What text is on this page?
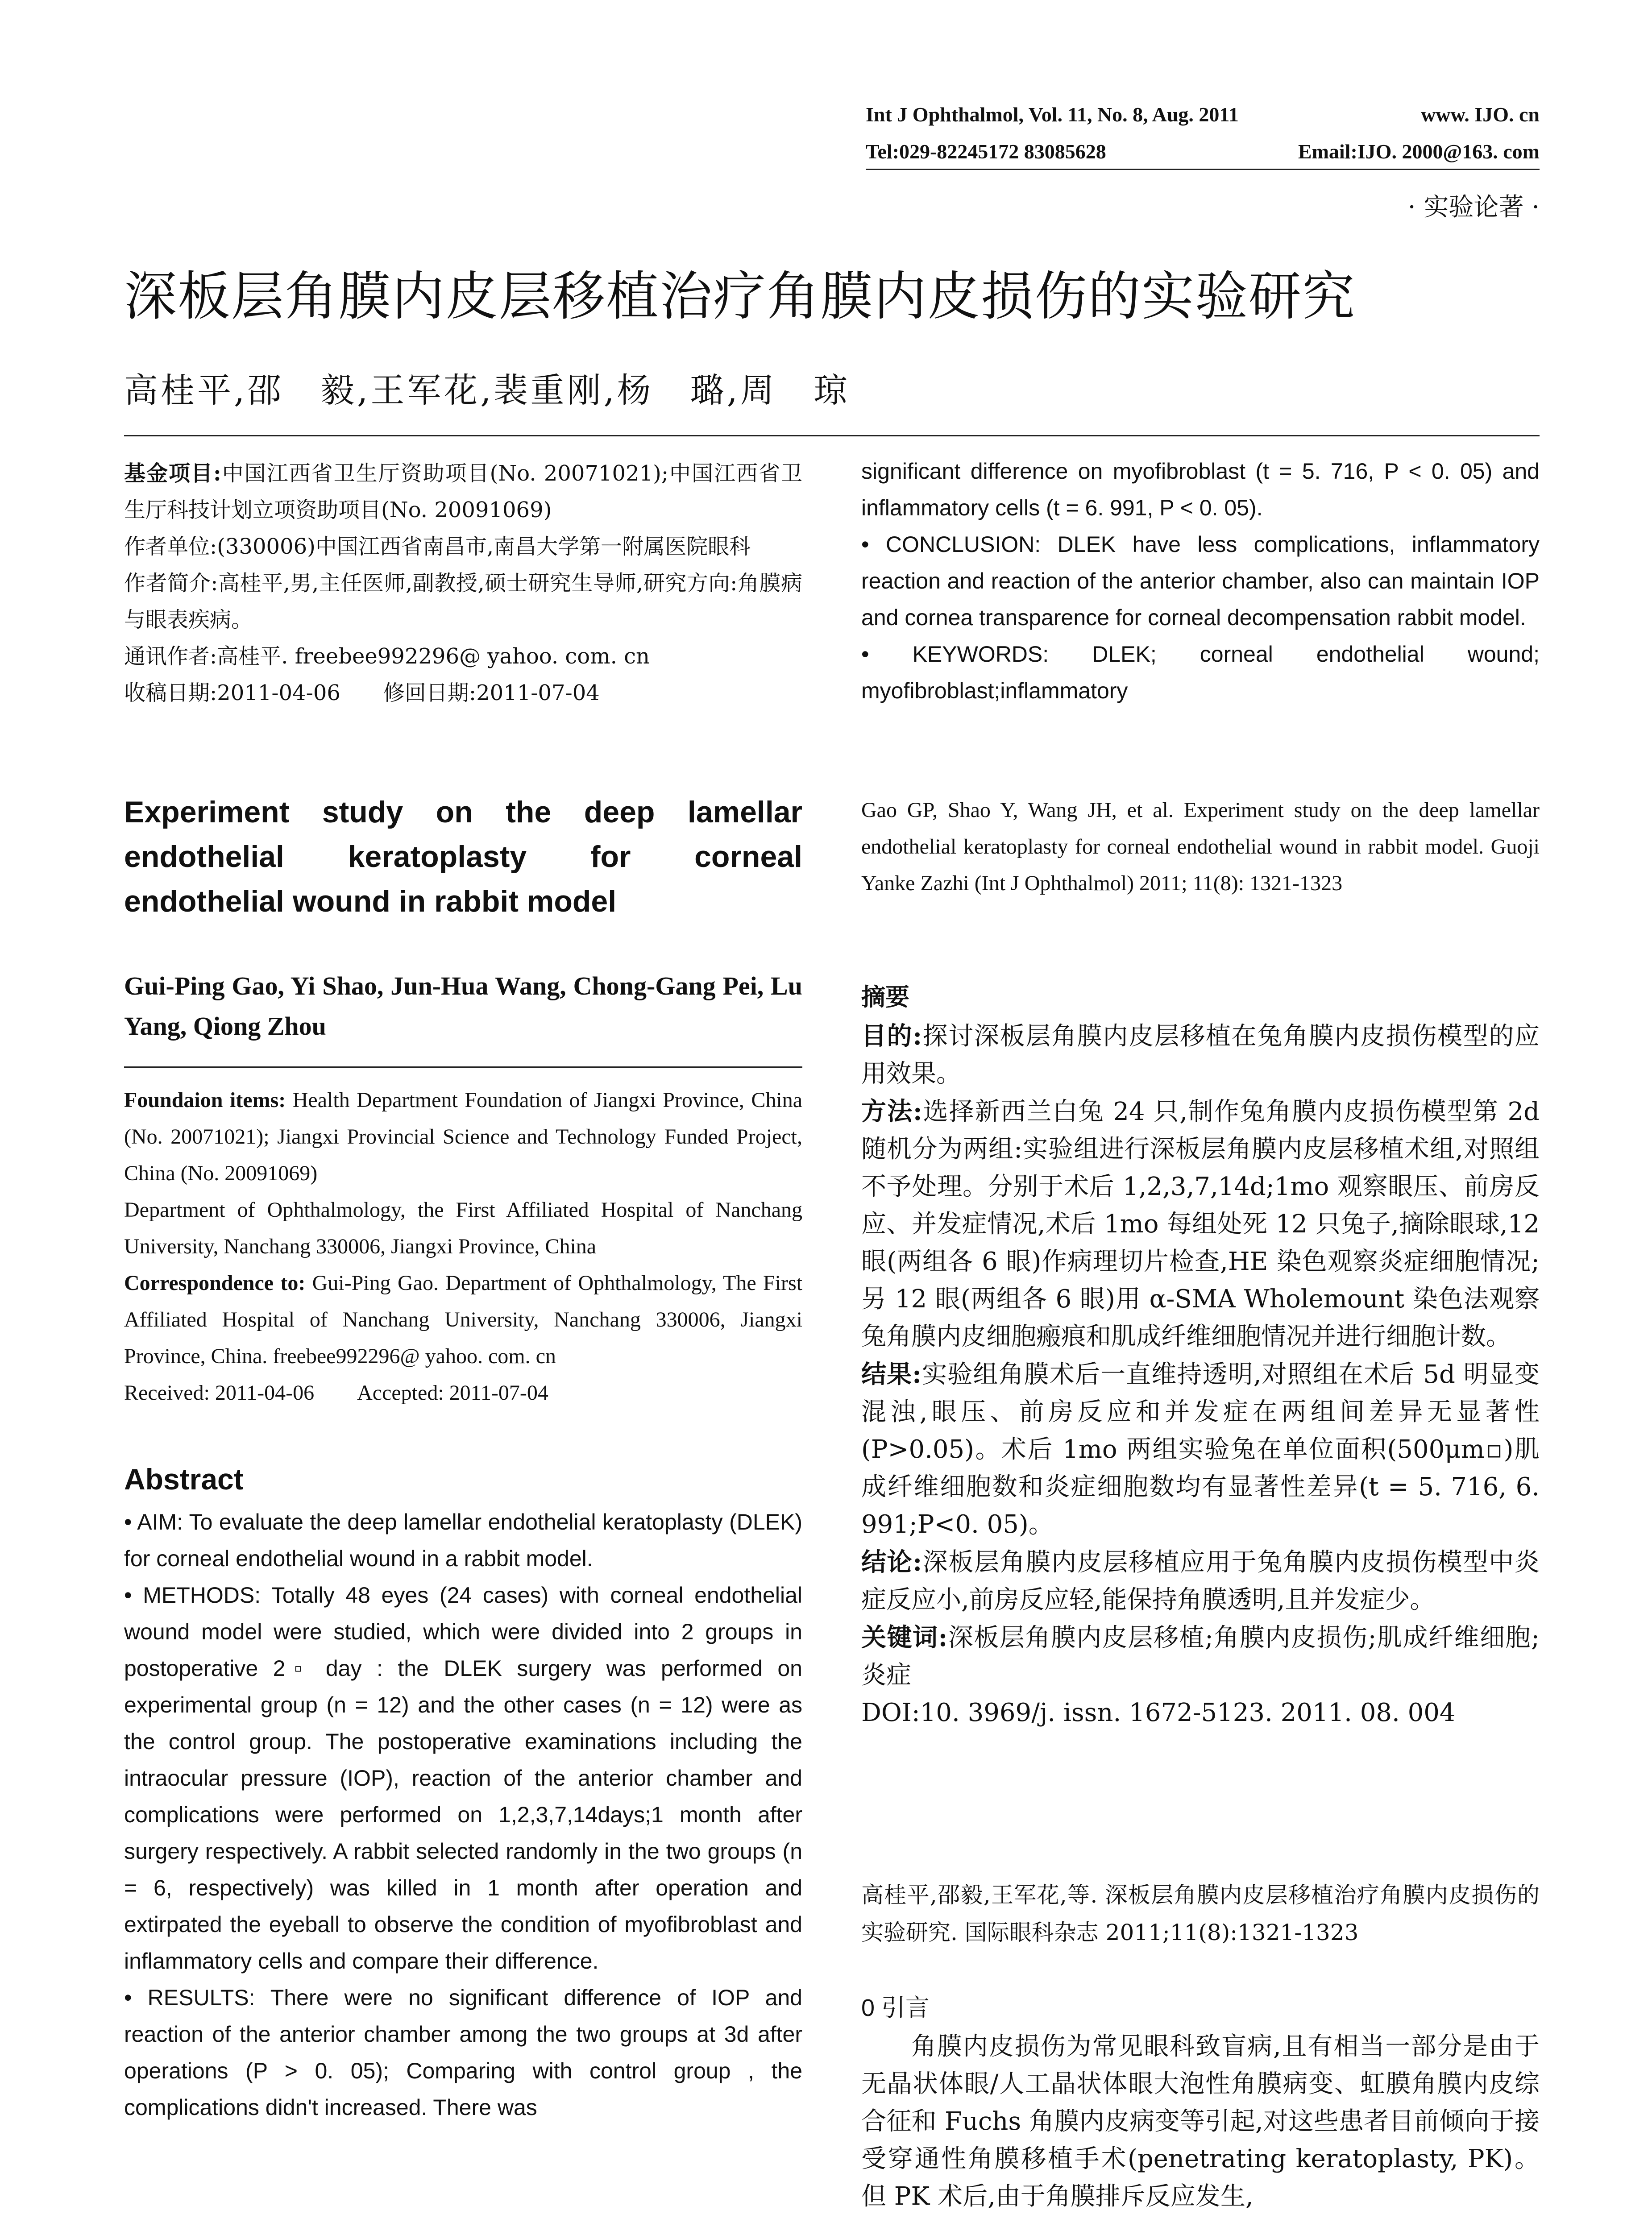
Int J Ophthalmol, Vol. 11, No. 8, Aug. 2011	www. IJO. cn
Tel:029-82245172 83085628	Email:IJO. 2000@163. com
· 实验论著 ·
深板层角膜内皮层移植治疗角膜内皮损伤的实验研究
高桂平,邵　毅,王军花,裴重刚,杨　璐,周　琼

基金项目:中国江西省卫生厅资助项目(No. 20071021);中国江西省卫生厅科技计划立项资助项目(No. 20091069)

作者单位:(330006)中国江西省南昌市,南昌大学第一附属医院眼科

作者简介:高桂平,男,主任医师,副教授,硕士研究生导师,研究方向:角膜病与眼表疾病。

通讯作者:高桂平. freebee992296@ yahoo. com. cn

收稿日期:2011-04-06　　修回日期:2011-07-04

Experiment study on the deep lamellar endothelial keratoplasty for corneal endothelial wound in rabbit model
Gui-Ping Gao, Yi Shao, Jun-Hua Wang, Chong-Gang Pei, Lu Yang, Qiong Zhou

Foundaion items: Health Department Foundation of Jiangxi Province, China (No. 20071021); Jiangxi Provincial Science and Technology Funded Project, China (No. 20091069)

Department of Ophthalmology, the First Affiliated Hospital of Nanchang University, Nanchang 330006, Jiangxi Province, China

Correspondence to: Gui-Ping Gao. Department of Ophthalmology, The First Affiliated Hospital of Nanchang University, Nanchang 330006, Jiangxi Province, China. freebee992296@ yahoo. com. cn

Received: 2011-04-06　　Accepted: 2011-07-04

Abstract

• AIM: To evaluate the deep lamellar endothelial keratoplasty (DLEK) for corneal endothelial wound in a rabbit model.

• METHODS: Totally 48 eyes (24 cases) with corneal endothelial wound model were studied, which were divided into 2 groups in postoperative 2▫ day : the DLEK surgery was performed on experimental group (n = 12) and the other cases (n = 12) were as the control group. The postoperative examinations including the intraocular pressure (IOP), reaction of the anterior chamber and complications were performed on 1,2,3,7,14days;1 month after surgery respectively. A rabbit selected randomly in the two groups (n = 6, respectively) was killed in 1 month after operation and extirpated the eyeball to observe the condition of myofibroblast and inflammatory cells and compare their difference.

• RESULTS: There were no significant difference of IOP and reaction of the anterior chamber among the two groups at 3d after operations (P > 0. 05); Comparing with control group , the complications didn't increased. There was

significant difference on myofibroblast (t = 5. 716, P < 0. 05) and inflammatory cells (t = 6. 991, P < 0. 05).

• CONCLUSION: DLEK have less complications, inflammatory reaction and reaction of the anterior chamber, also can maintain IOP and cornea transparence for corneal decompensation rabbit model.

• KEYWORDS: DLEK; corneal endothelial wound; myofibroblast;inflammatory

Gao GP, Shao Y, Wang JH, et al. Experiment study on the deep lamellar endothelial keratoplasty for corneal endothelial wound in rabbit model. Guoji Yanke Zazhi (Int J Ophthalmol) 2011; 11(8): 1321-1323
摘要

目的:探讨深板层角膜内皮层移植在兔角膜内皮损伤模型的应用效果。

方法:选择新西兰白兔 24 只,制作兔角膜内皮损伤模型第 2d 随机分为两组:实验组进行深板层角膜内皮层移植术组,对照组不予处理。分别于术后 1,2,3,7,14d;1mo 观察眼压、前房反应、并发症情况,术后 1mo 每组处死 12 只兔子,摘除眼球,12 眼(两组各 6 眼)作病理切片检查,HE 染色观察炎症细胞情况;另 12 眼(两组各 6 眼)用 α-SMA Wholemount 染色法观察兔角膜内皮细胞瘢痕和肌成纤维细胞情况并进行细胞计数。

结果:实验组角膜术后一直维持透明,对照组在术后 5d 明显变混浊,眼压、前房反应和并发症在两组间差异无显著性(P>0.05)。术后 1mo 两组实验兔在单位面积(500μm▫)肌成纤维细胞数和炎症细胞数均有显著性差异(t = 5. 716, 6. 991;P<0. 05)。

结论:深板层角膜内皮层移植应用于兔角膜内皮损伤模型中炎症反应小,前房反应轻,能保持角膜透明,且并发症少。

关键词:深板层角膜内皮层移植;角膜内皮损伤;肌成纤维细胞;炎症

DOI:10. 3969/j. issn. 1672-5123. 2011. 08. 004

高桂平,邵毅,王军花,等. 深板层角膜内皮层移植治疗角膜内皮损伤的实验研究. 国际眼科杂志 2011;11(8):1321-1323
0 引言
角膜内皮损伤为常见眼科致盲病,且有相当一部分是由于无晶状体眼/人工晶状体眼大泡性角膜病变、虹膜角膜内皮综合征和 Fuchs 角膜内皮病变等引起,对这些患者目前倾向于接受穿通性角膜移植手术(penetrating keratoplasty, PK)。但 PK 术后,由于角膜排斥反应发生,
